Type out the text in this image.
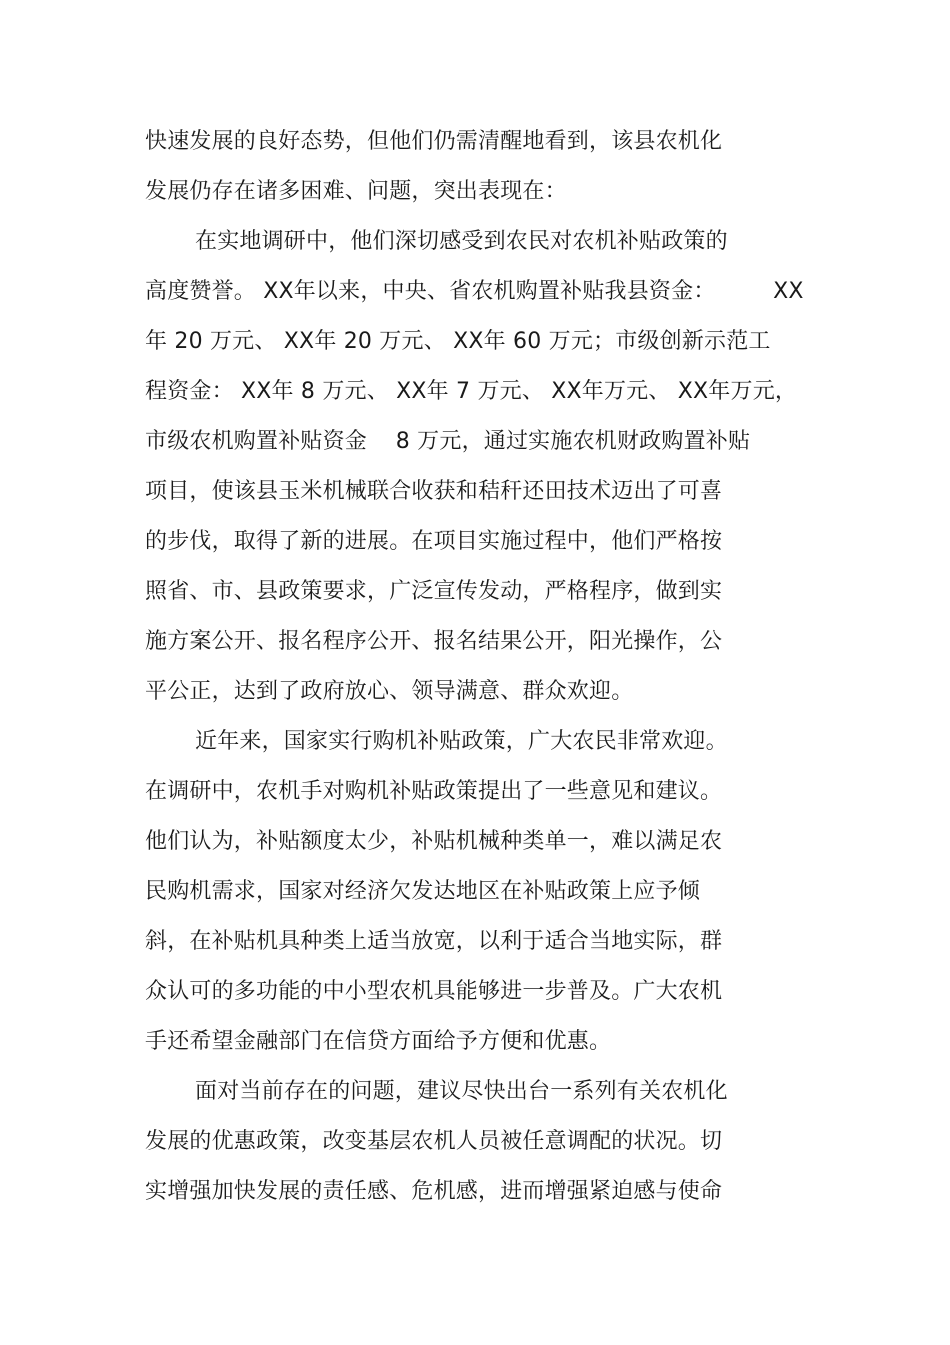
快速发展的良好态势，但他们仍需清醒地看到，该县农机化
发展仍存在诸多困难、问题，突出表现在：
在实地调研中，他们深切感受到农民对农机补贴政策的
高度赞誉。 XX年以来，中央、省农机购置补贴我县资金：        XX
年 20 万元、 XX年 20 万元、 XX年 60 万元；市级创新示范工
程资金： XX年 8 万元、 XX年 7 万元、 XX年万元、 XX年万元，
市级农机购置补贴资金    8 万元，通过实施农机财政购置补贴
项目，使该县玉米机械联合收获和秸秆还田技术迈出了可喜
的步伐，取得了新的进展。在项目实施过程中，他们严格按
照省、市、县政策要求，广泛宣传发动，严格程序，做到实
施方案公开、报名程序公开、报名结果公开，阳光操作，公
平公正，达到了政府放心、领导满意、群众欢迎。
近年来，国家实行购机补贴政策，广大农民非常欢迎。
在调研中，农机手对购机补贴政策提出了一些意见和建议。
他们认为，补贴额度太少，补贴机械种类单一，难以满足农
民购机需求，国家对经济欠发达地区在补贴政策上应予倾
斜，在补贴机具种类上适当放宽，以利于适合当地实际，群
众认可的多功能的中小型农机具能够进一步普及。广大农机
手还希望金融部门在信贷方面给予方便和优惠。
面对当前存在的问题，建议尽快出台一系列有关农机化
发展的优惠政策，改变基层农机人员被任意调配的状况。切
实增强加快发展的责任感、危机感，进而增强紧迫感与使命
